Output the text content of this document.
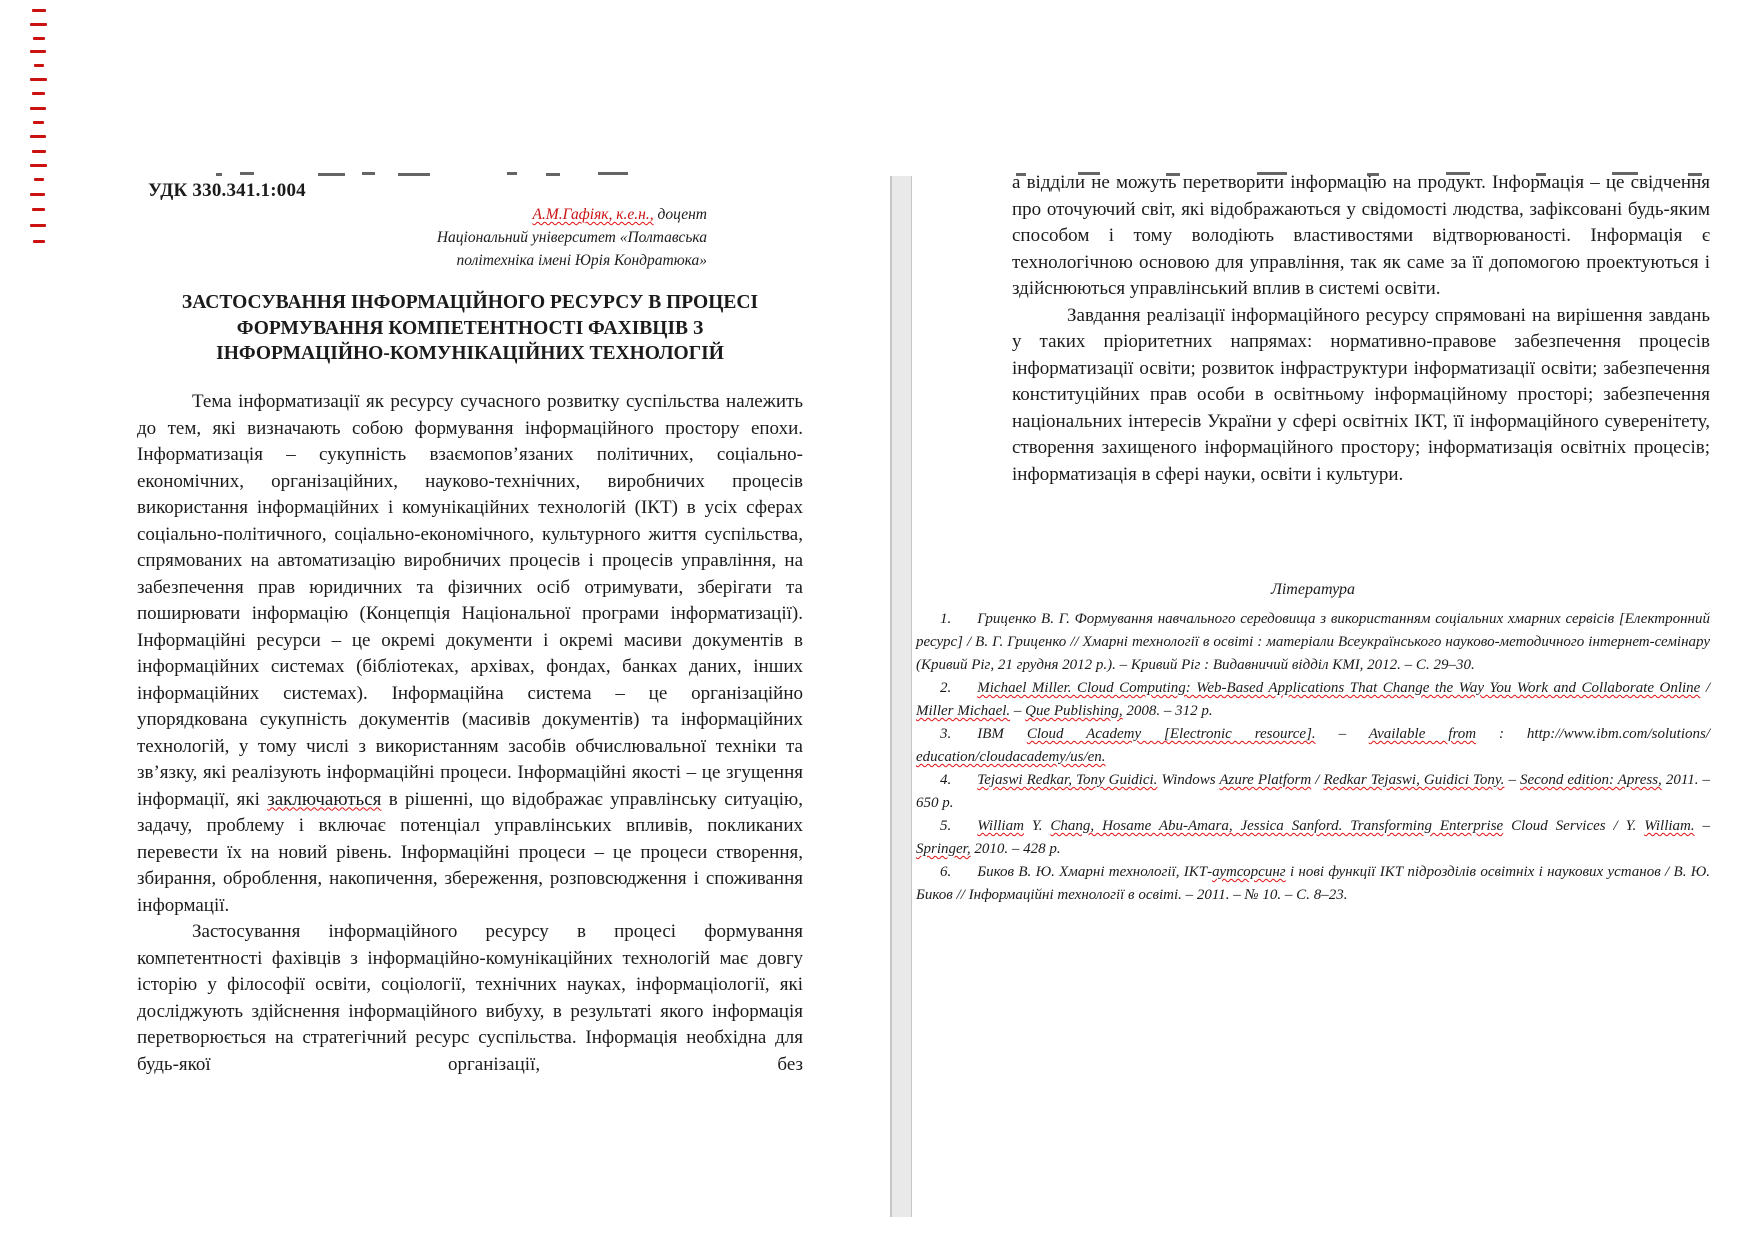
УДК 330.341.1:004
А.М.Гафіяк, к.е.н., доцент
Національний університет «Полтавська
політехніка імені Юрія Кондратюка»
ЗАСТОСУВАННЯ ІНФОРМАЦІЙНОГО РЕСУРСУ В ПРОЦЕСІ
ФОРМУВАННЯ КОМПЕТЕНТНОСТІ ФАХІВЦІВ З
ІНФОРМАЦІЙНО-КОМУНІКАЦІЙНИХ ТЕХНОЛОГІЙ

Тема інформатизації як ресурсу сучасного розвитку суспільства належить до тем, які визначають собою формування інформаційного простору епохи. Інформатизація – сукупність взаємопов’язаних політичних, соціально-економічних, організаційних, науково-технічних, виробничих процесів використання інформаційних і комунікаційних технологій (ІКТ) в усіх сферах соціально-політичного, соціально-економічного, культурного життя суспільства, спрямованих на автоматизацію виробничих процесів і процесів управління, на забезпечення прав юридичних та фізичних осіб отримувати, зберігати та поширювати інформацію (Концепція Національної програми інформатизації). Інформаційні ресурси – це окремі документи і окремі масиви документів в інформаційних системах (бібліотеках, архівах, фондах, банках даних, інших інформаційних системах). Інформаційна система – це організаційно упорядкована сукупність документів (масивів документів) та інформаційних технологій, у тому числі з використанням засобів обчислювальної техніки та зв’язку, які реалізують інформаційні процеси. Інформаційні якості – це згущення інформації, які заключаються в рішенні, що відображає управлінську ситуацію, задачу, проблему і включає потенціал управлінських впливів, покликаних перевести їх на новий рівень. Інформаційні процеси – це процеси створення, збирання, оброблення, накопичення, збереження, розповсюдження і споживання інформації.

Застосування інформаційного ресурсу в процесі формування компетентності фахівців з інформаційно-комунікаційних технологій має довгу історію у філософії освіти, соціології, технічних науках, інформаціології, які досліджують здійснення інформаційного вибуху, в результаті якого інформація перетворюється на стратегічний ресурс суспільства. Інформація необхідна для будь-якої організації, без

а відділи не можуть перетворити інформацію на продукт. Інформація – це свідчення про оточуючий світ, які відображаються у свідомості людства, зафіксовані будь-яким способом і тому володіють властивостями відтворюваності. Інформація є технологічною основою для управління, так як саме за її допомогою проектуються і здійснюються управлінський вплив в системі освіти.

Завдання реалізації інформаційного ресурсу спрямовані на вирішення завдань у таких пріоритетних напрямах: нормативно-правове забезпечення процесів інформатизації освіти; розвиток інфраструктури інформатизації освіти; забезпечення конституційних прав особи в освітньому інформаційному просторі; забезпечення національних інтересів України у сфері освітніх ІКТ, її інформаційного суверенітету, створення захищеного інформаційного простору; інформатизація освітніх процесів; інформатизація в сфері науки, освіти і культури.

Література

1. Гриценко В. Г. Формування навчального середовища з використанням соціальних хмарних сервісів [Електронний ресурс] / В. Г. Гриценко // Хмарні технології в освіті : матеріали Всеукраїнського науково-методичного інтернет-семінару (Кривий Ріг, 21 грудня 2012 р.). – Кривий Ріг : Видавничий відділ КМІ, 2012. – С. 29–30.

2. Michael Miller. Cloud Computing: Web-Based Applications That Change the Way You Work and Collaborate Online / Miller Michael. – Que Publishing, 2008. – 312 p.

3. IBM Cloud Academy [Electronic resource]. – Available from : http://www.ibm.com/solutions/ education/cloudacademy/us/en.

4. Tejaswi Redkar, Tony Guidici. Windows Azure Platform / Redkar Tejaswi, Guidici Tony. – Second edition: Apress, 2011. – 650 p.

5. William Y. Chang, Hosame Abu-Amara, Jessica Sanford. Transforming Enterprise Cloud Services / Y. William. – Springer, 2010. – 428 p.

6. Биков В. Ю. Хмарні технології, ІКТ-аутсорсинг і нові функції ІКТ підрозділів освітніх і наукових установ / В. Ю. Биков // Інформаційні технології в освіті. – 2011. – № 10. – С. 8–23.
